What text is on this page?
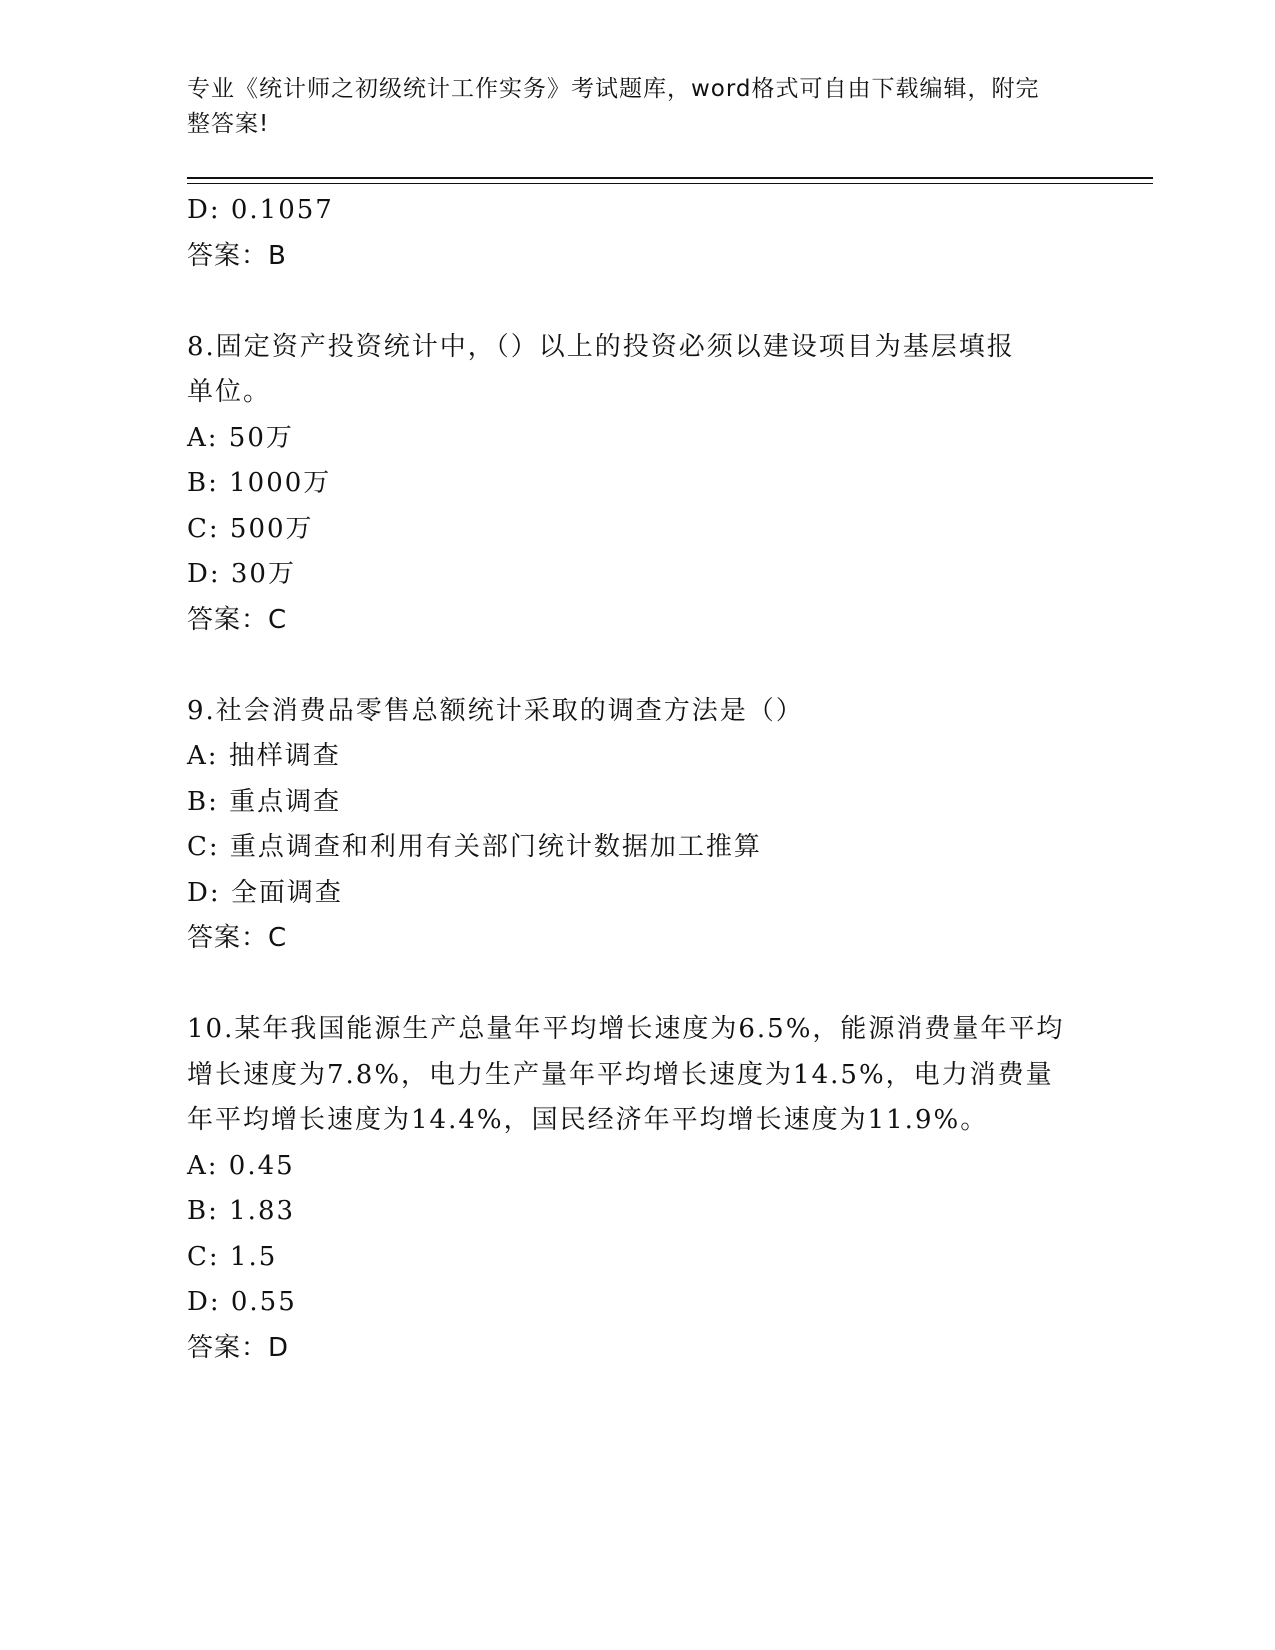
专业《统计师之初级统计工作实务》考试题库，word格式可自由下载编辑，附完
整答案!
D: 0.1057
答案：B
8.固定资产投资统计中，（）以上的投资必须以建设项目为基层填报
单位。
A: 50万
B: 1000万
C: 500万
D: 30万
答案：C
9.社会消费品零售总额统计采取的调查方法是（）
A: 抽样调查
B: 重点调查
C: 重点调查和利用有关部门统计数据加工推算
D: 全面调查
答案：C
10.某年我国能源生产总量年平均增长速度为6.5%，能源消费量年平均
增长速度为7.8%，电力生产量年平均增长速度为14.5%，电力消费量
年平均增长速度为14.4%，国民经济年平均增长速度为11.9%。
A: 0.45
B: 1.83
C: 1.5
D: 0.55
答案：D
